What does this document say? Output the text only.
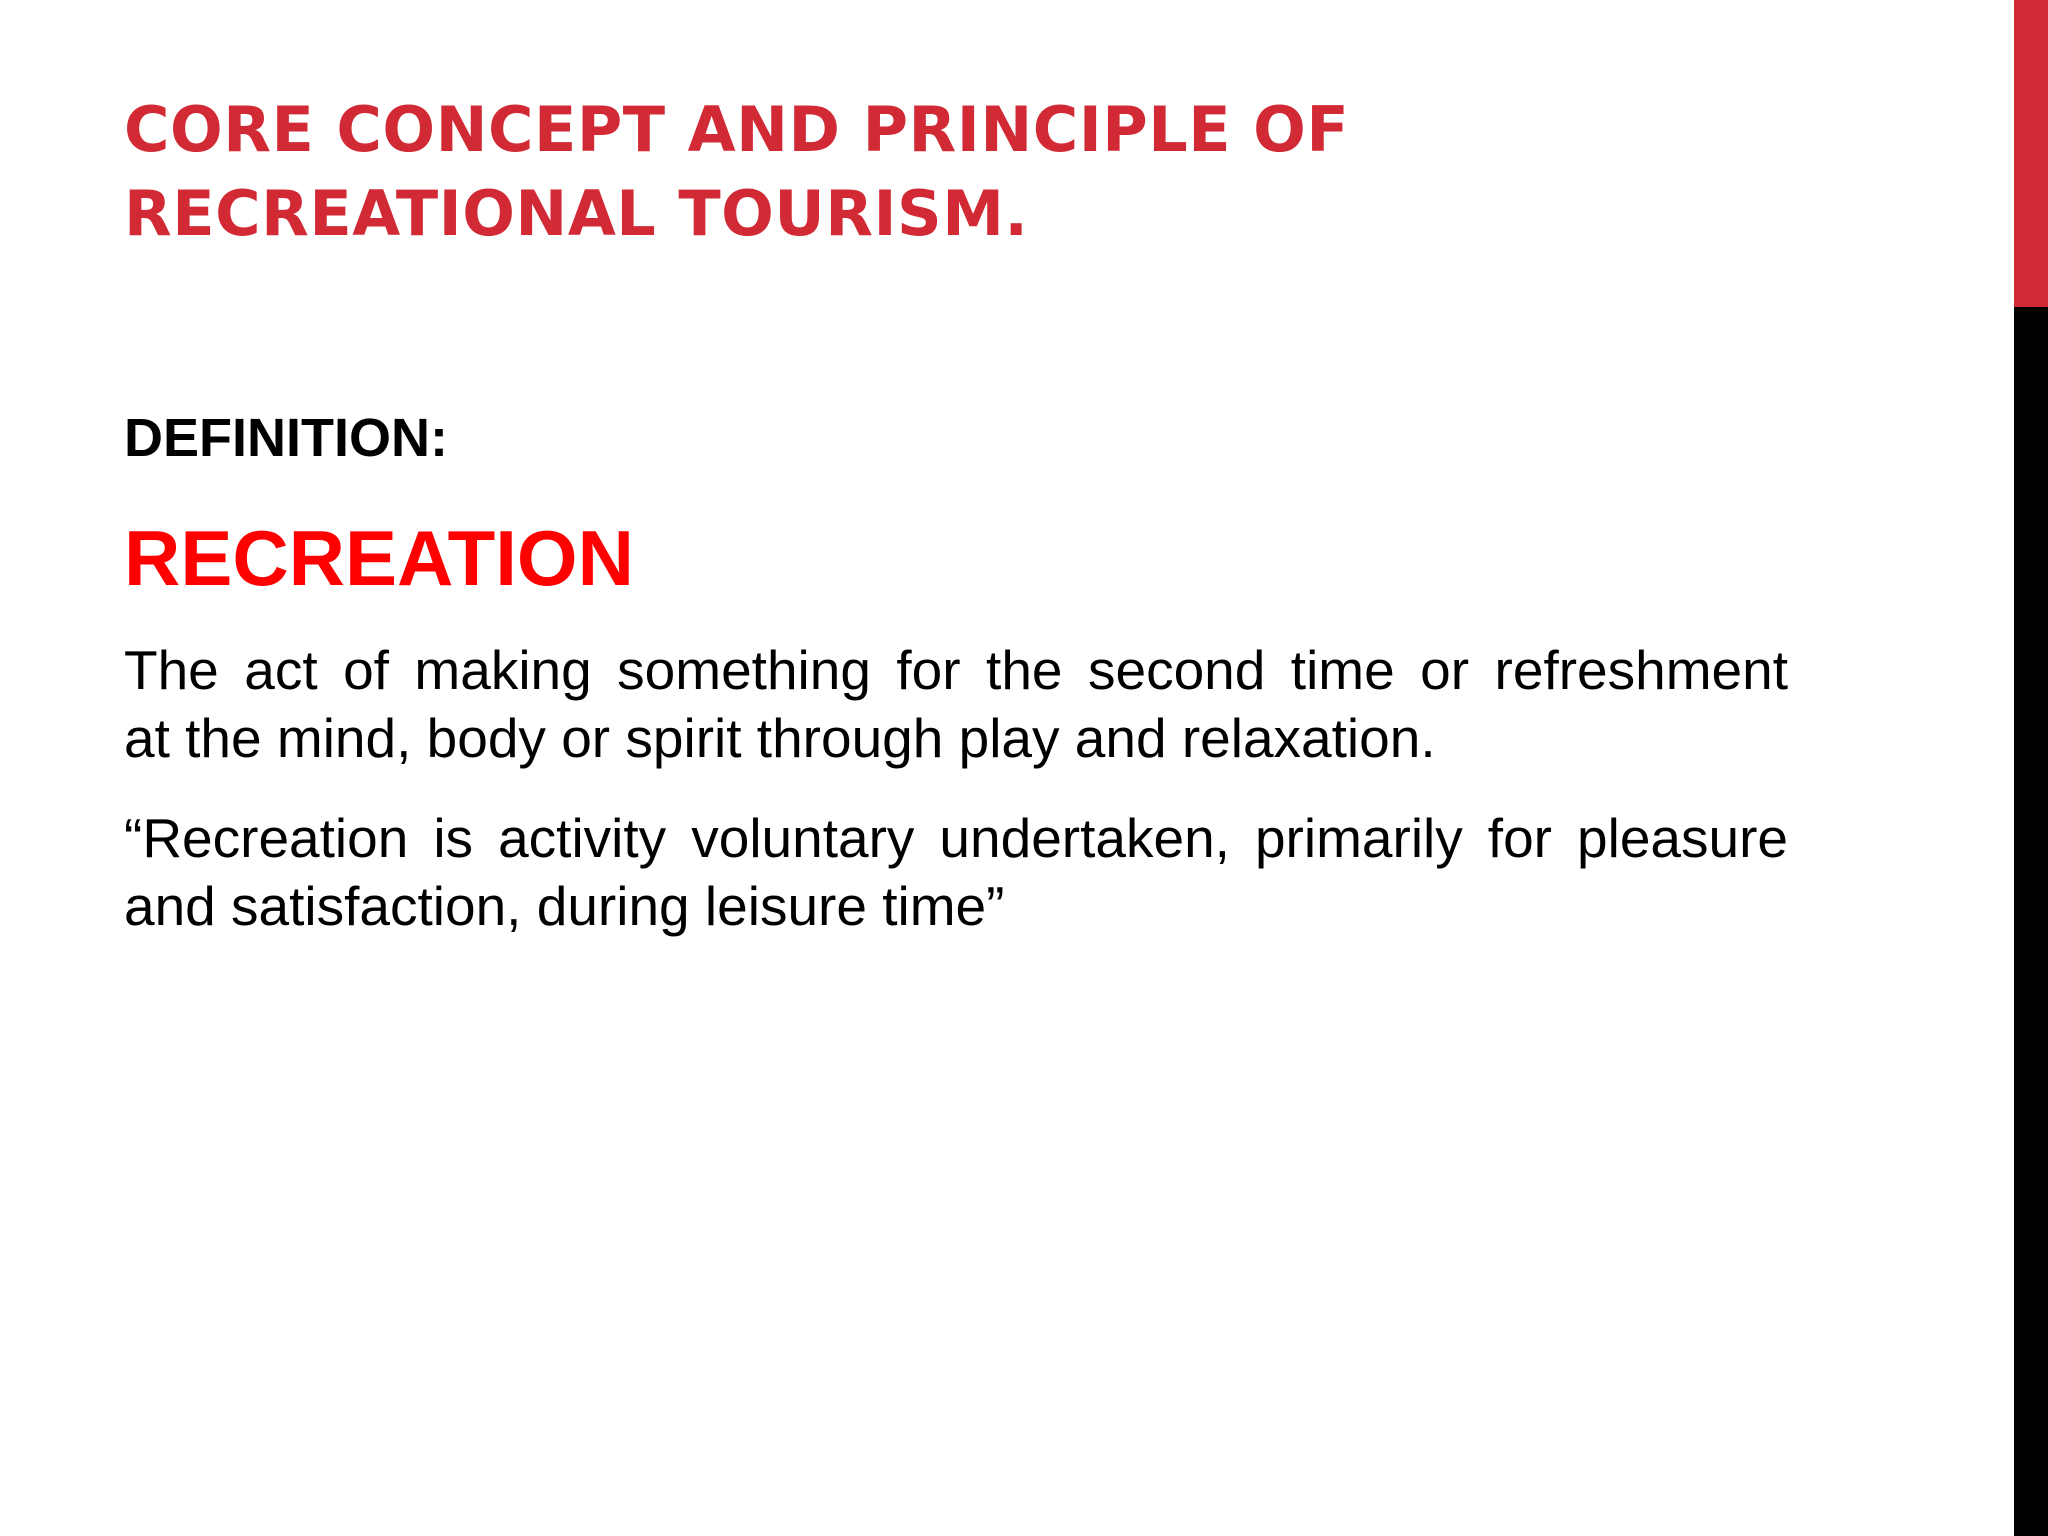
CORE CONCEPT AND PRINCIPLE OF
RECREATIONAL TOURISM.

DEFINITION:

RECREATION

The act of making something for the second time or refreshment
at the mind, body or spirit through play and relaxation.

“Recreation is activity voluntary undertaken, primarily for pleasure
and satisfaction, during leisure time”
